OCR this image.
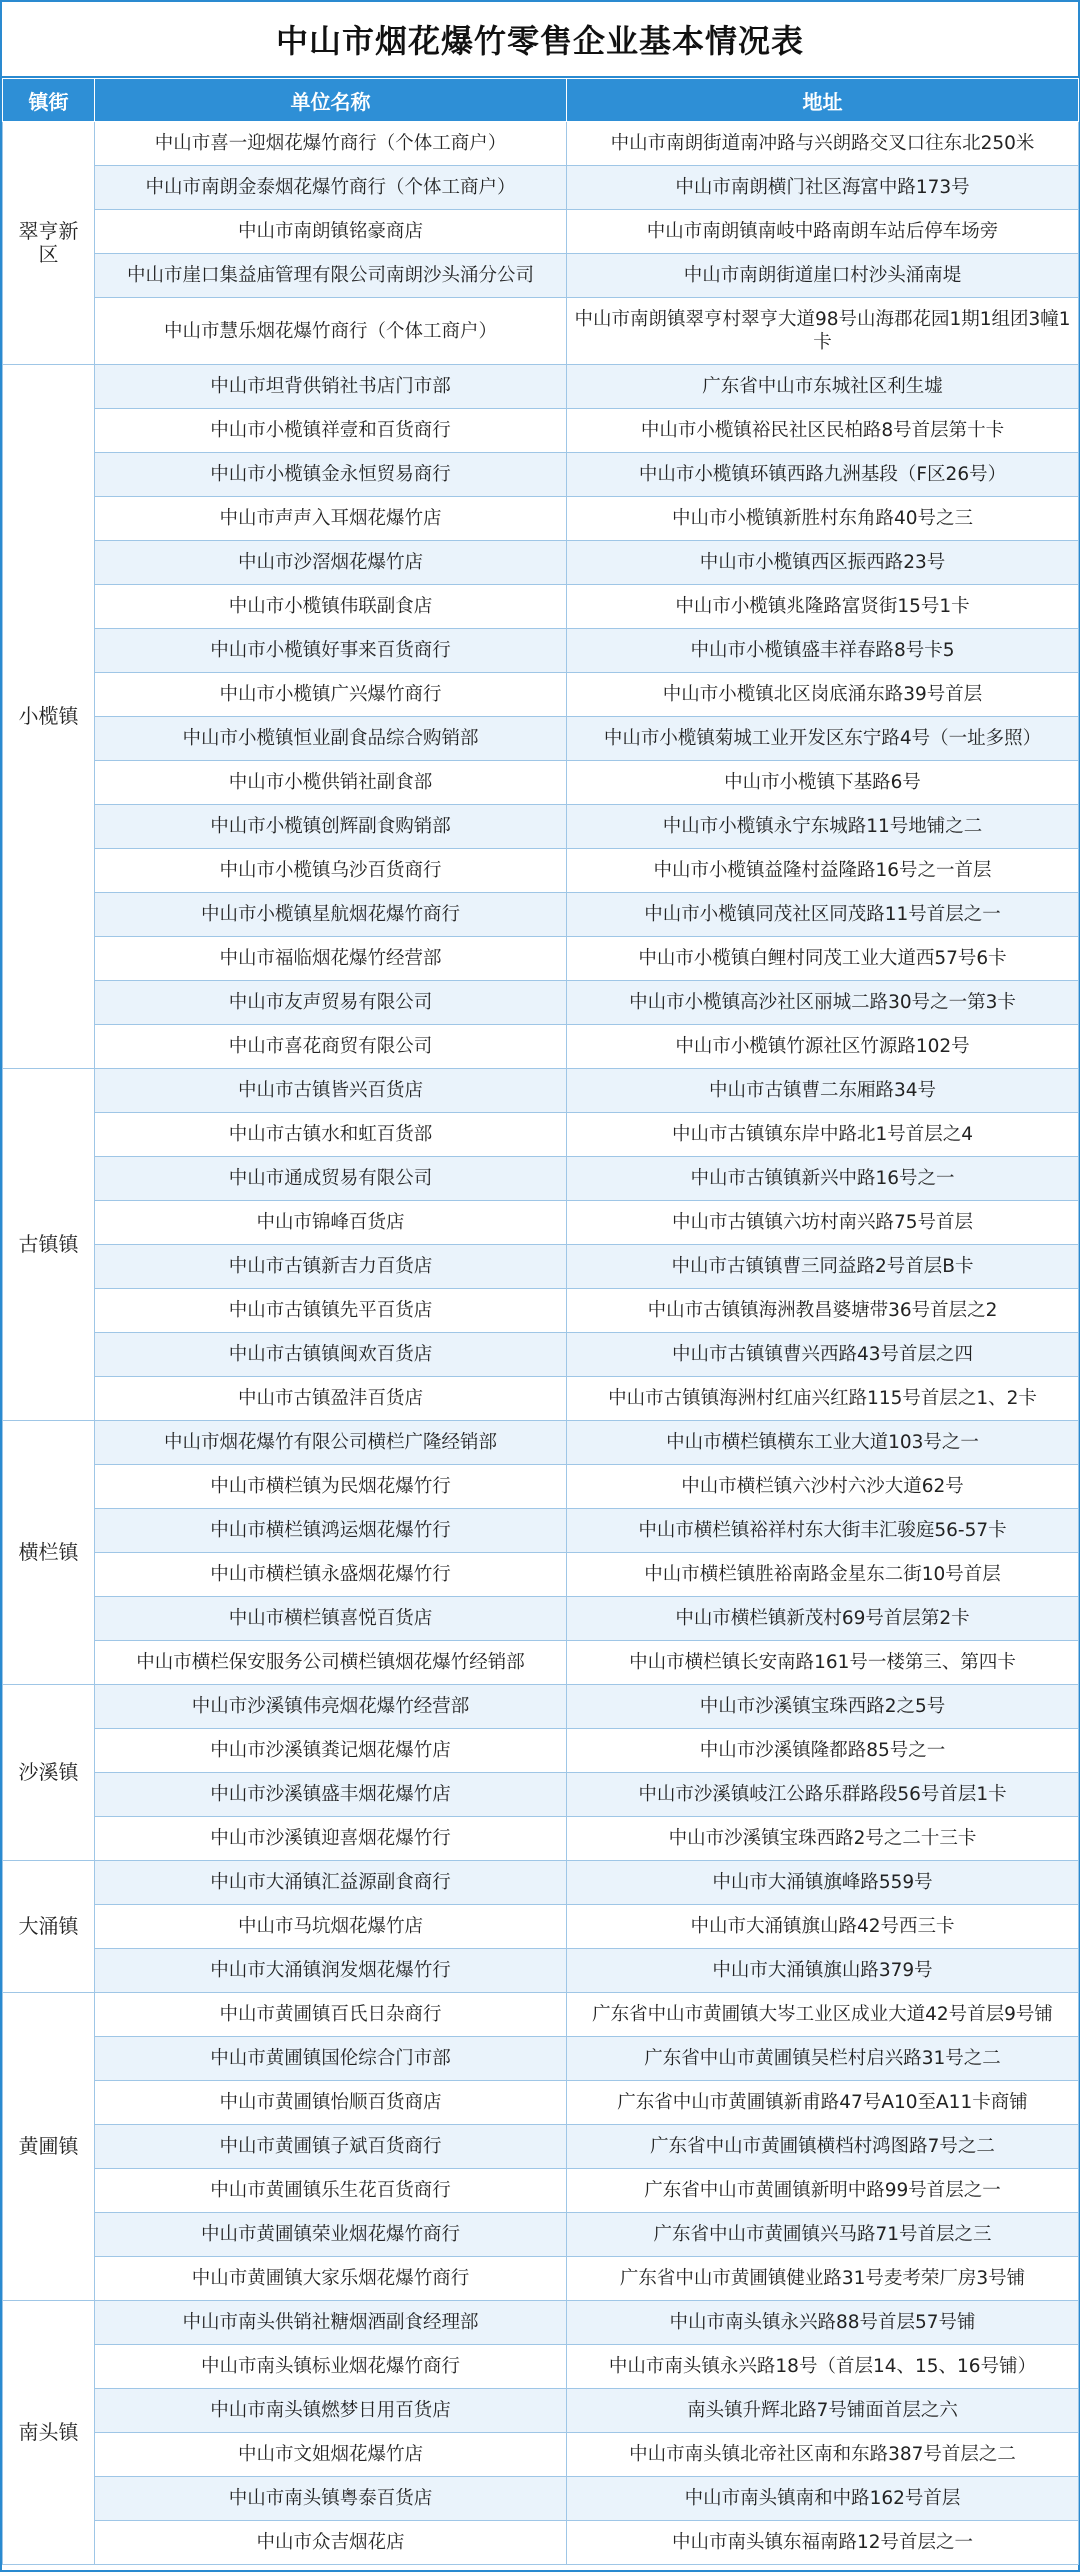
中山市烟花爆竹零售企业基本情况表
镇街	单位名称	地址
翠亨新区	中山市喜一迎烟花爆竹商行（个体工商户）	中山市南朗街道南冲路与兴朗路交叉口往东北250米
	中山市南朗金泰烟花爆竹商行（个体工商户）	中山市南朗横门社区海富中路173号
	中山市南朗镇铭豪商店	中山市南朗镇南岐中路南朗车站后停车场旁
	中山市崖口集益庙管理有限公司南朗沙头涌分公司	中山市南朗街道崖口村沙头涌南堤
	中山市慧乐烟花爆竹商行（个体工商户）	中山市南朗镇翠亨村翠亨大道98号山海郡花园1期1组团3幢1卡
小榄镇	中山市坦背供销社书店门市部	广东省中山市东城社区利生墟
	中山市小榄镇祥壹和百货商行	中山市小榄镇裕民社区民柏路8号首层第十卡
	中山市小榄镇金永恒贸易商行	中山市小榄镇环镇西路九洲基段（F区26号）
	中山市声声入耳烟花爆竹店	中山市小榄镇新胜村东角路40号之三
	中山市沙滘烟花爆竹店	中山市小榄镇西区振西路23号
	中山市小榄镇伟联副食店	中山市小榄镇兆隆路富贤街15号1卡
	中山市小榄镇好事来百货商行	中山市小榄镇盛丰祥春路8号卡5
	中山市小榄镇广兴爆竹商行	中山市小榄镇北区岗底涌东路39号首层
	中山市小榄镇恒业副食品综合购销部	中山市小榄镇菊城工业开发区东宁路4号（一址多照）
	中山市小榄供销社副食部	中山市小榄镇下基路6号
	中山市小榄镇创辉副食购销部	中山市小榄镇永宁东城路11号地铺之二
	中山市小榄镇乌沙百货商行	中山市小榄镇益隆村益隆路16号之一首层
	中山市小榄镇星航烟花爆竹商行	中山市小榄镇同茂社区同茂路11号首层之一
	中山市福临烟花爆竹经营部	中山市小榄镇白鲤村同茂工业大道西57号6卡
	中山市友声贸易有限公司	中山市小榄镇高沙社区丽城二路30号之一第3卡
	中山市喜花商贸有限公司	中山市小榄镇竹源社区竹源路102号
古镇镇	中山市古镇皆兴百货店	中山市古镇曹二东厢路34号
	中山市古镇水和虹百货部	中山市古镇镇东岸中路北1号首层之4
	中山市通成贸易有限公司	中山市古镇镇新兴中路16号之一
	中山市锦峰百货店	中山市古镇镇六坊村南兴路75号首层
	中山市古镇新吉力百货店	中山市古镇镇曹三同益路2号首层B卡
	中山市古镇镇先平百货店	中山市古镇镇海洲教昌婆塘带36号首层之2
	中山市古镇镇闽欢百货店	中山市古镇镇曹兴西路43号首层之四
	中山市古镇盈沣百货店	中山市古镇镇海洲村红庙兴红路115号首层之1、2卡
横栏镇	中山市烟花爆竹有限公司横栏广隆经销部	中山市横栏镇横东工业大道103号之一
	中山市横栏镇为民烟花爆竹行	中山市横栏镇六沙村六沙大道62号
	中山市横栏镇鸿运烟花爆竹行	中山市横栏镇裕祥村东大街丰汇骏庭56-57卡
	中山市横栏镇永盛烟花爆竹行	中山市横栏镇胜裕南路金星东二街10号首层
	中山市横栏镇喜悦百货店	中山市横栏镇新茂村69号首层第2卡
	中山市横栏保安服务公司横栏镇烟花爆竹经销部	中山市横栏镇长安南路161号一楼第三、第四卡
沙溪镇	中山市沙溪镇伟亮烟花爆竹经营部	中山市沙溪镇宝珠西路2之5号
	中山市沙溪镇粪记烟花爆竹店	中山市沙溪镇隆都路85号之一
	中山市沙溪镇盛丰烟花爆竹店	中山市沙溪镇岐江公路乐群路段56号首层1卡
	中山市沙溪镇迎喜烟花爆竹行	中山市沙溪镇宝珠西路2号之二十三卡
大涌镇	中山市大涌镇汇益源副食商行	中山市大涌镇旗峰路559号
	中山市马坑烟花爆竹店	中山市大涌镇旗山路42号西三卡
	中山市大涌镇润发烟花爆竹行	中山市大涌镇旗山路379号
黄圃镇	中山市黄圃镇百氏日杂商行	广东省中山市黄圃镇大岑工业区成业大道42号首层9号铺
	中山市黄圃镇国伦综合门市部	广东省中山市黄圃镇吴栏村启兴路31号之二
	中山市黄圃镇怡顺百货商店	广东省中山市黄圃镇新甫路47号A10至A11卡商铺
	中山市黄圃镇子斌百货商行	广东省中山市黄圃镇横档村鸿图路7号之二
	中山市黄圃镇乐生花百货商行	广东省中山市黄圃镇新明中路99号首层之一
	中山市黄圃镇荣业烟花爆竹商行	广东省中山市黄圃镇兴马路71号首层之三
	中山市黄圃镇大家乐烟花爆竹商行	广东省中山市黄圃镇健业路31号麦考荣厂房3号铺
南头镇	中山市南头供销社糖烟酒副食经理部	中山市南头镇永兴路88号首层57号铺
	中山市南头镇标业烟花爆竹商行	中山市南头镇永兴路18号（首层14、15、16号铺）
	中山市南头镇燃梦日用百货店	南头镇升辉北路7号铺面首层之六
	中山市文姐烟花爆竹店	中山市南头镇北帝社区南和东路387号首层之二
	中山市南头镇粤泰百货店	中山市南头镇南和中路162号首层
	中山市众吉烟花店	中山市南头镇东福南路12号首层之一
